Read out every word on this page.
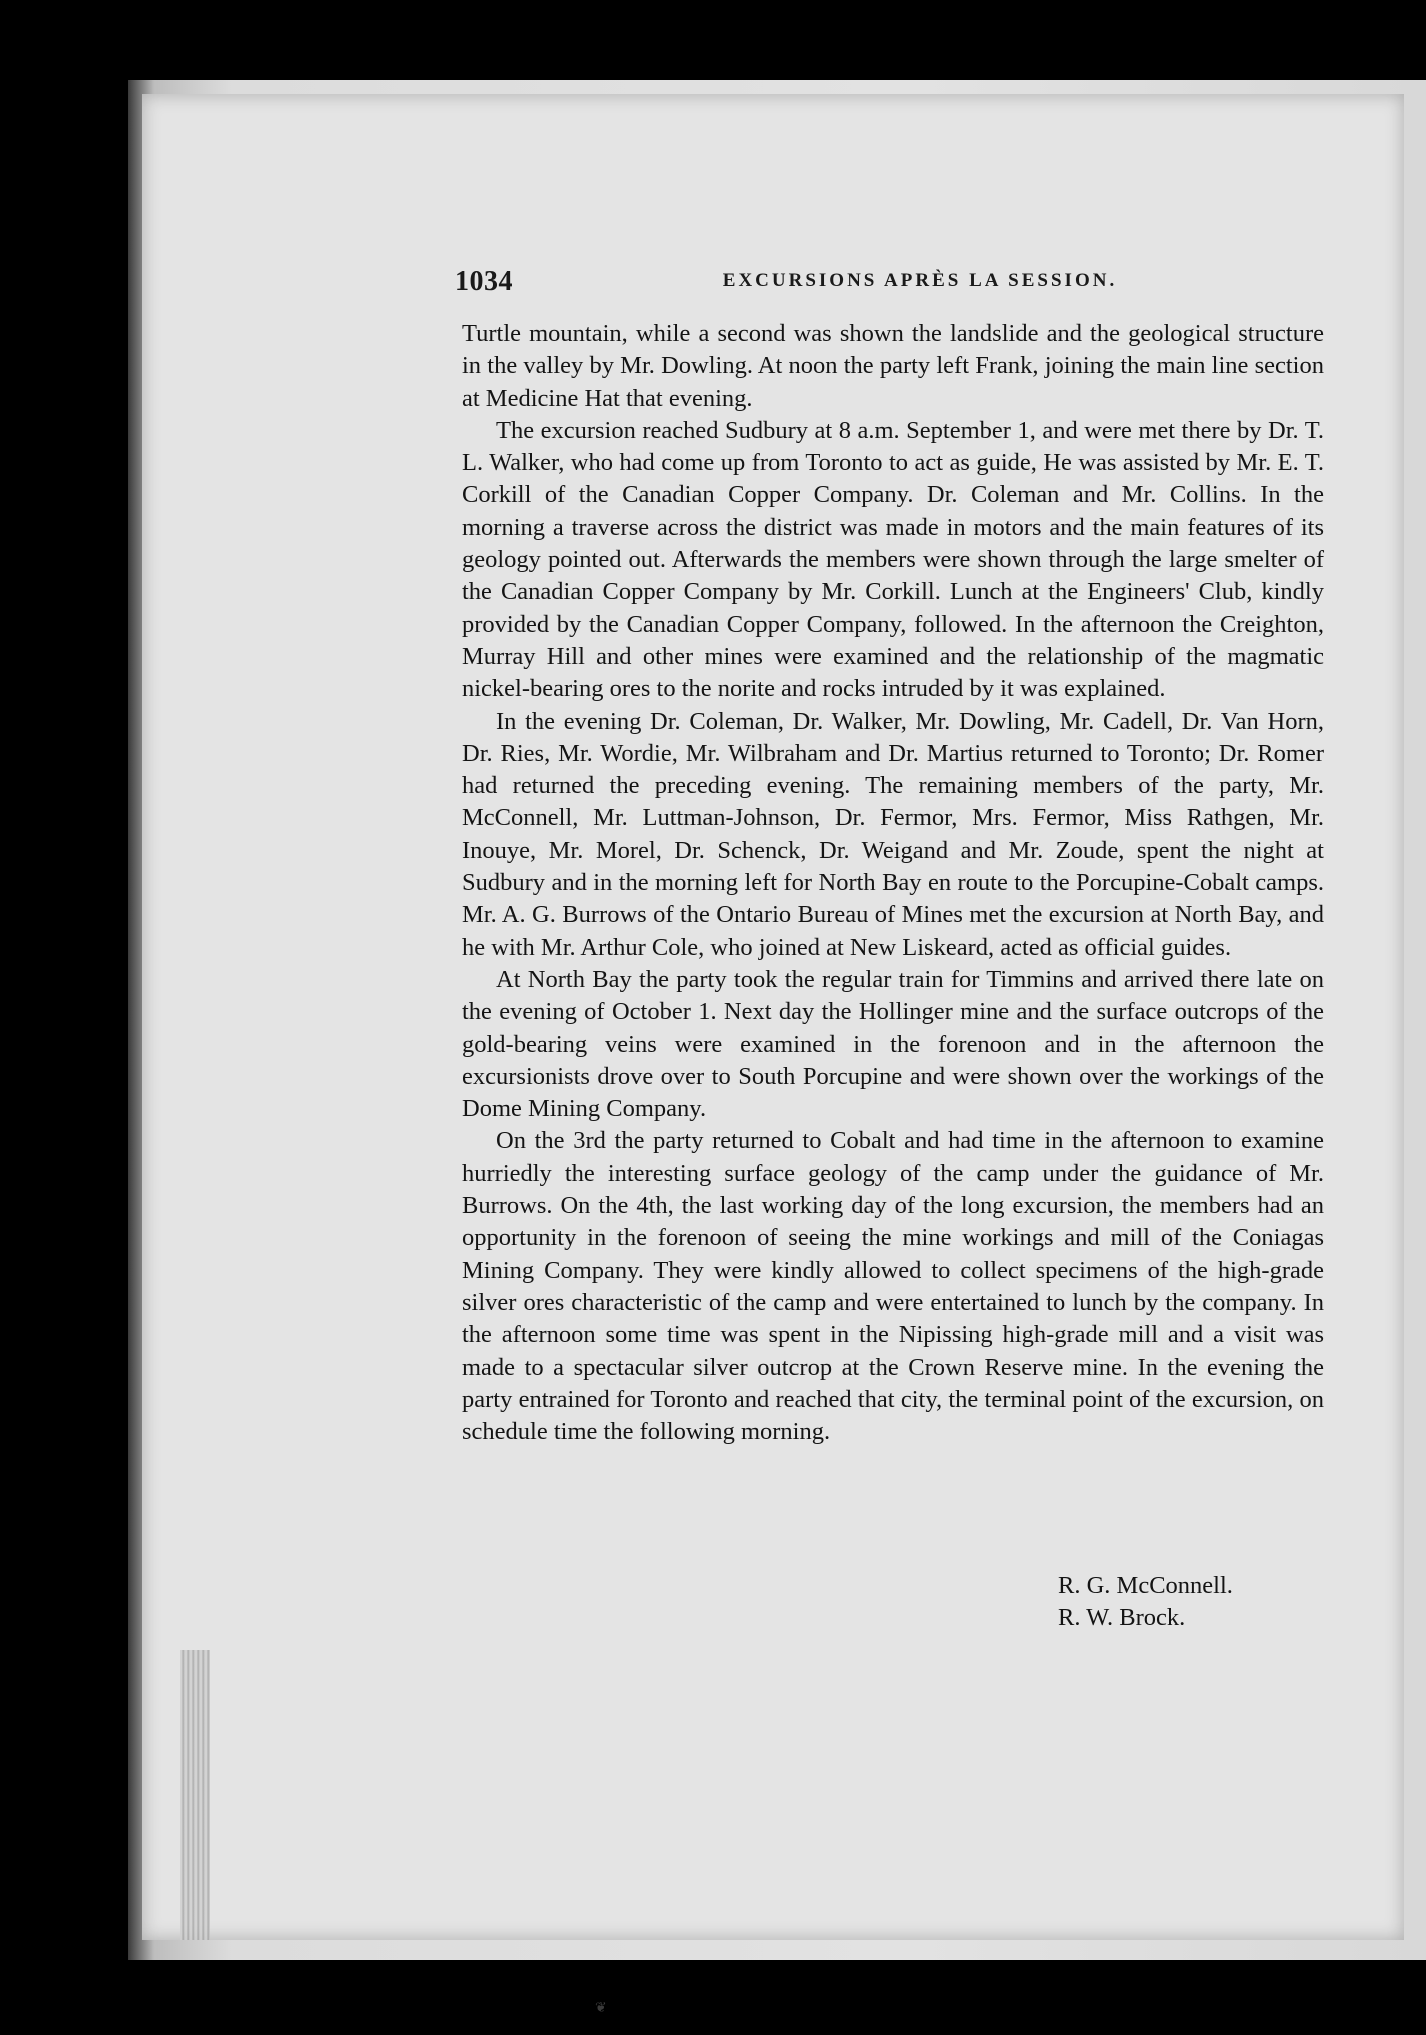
1034	EXCURSIONS APRÈS LA SESSION.

Turtle mountain, while a second was shown the landslide and the geological structure in the valley by Mr. Dowling. At noon the party left Frank, joining the main line section at Medicine Hat that evening.

The excursion reached Sudbury at 8 a.m. September 1, and were met there by Dr. T. L. Walker, who had come up from Toronto to act as guide, He was assisted by Mr. E. T. Corkill of the Canadian Copper Company. Dr. Coleman and Mr. Collins. In the morning a traverse across the district was made in motors and the main features of its geology pointed out. Afterwards the members were shown through the large smelter of the Canadian Copper Company by Mr. Corkill. Lunch at the Engineers' Club, kindly provided by the Canadian Copper Company, followed. In the afternoon the Creighton, Murray Hill and other mines were examined and the relationship of the magmatic nickel-bearing ores to the norite and rocks intruded by it was explained.

In the evening Dr. Coleman, Dr. Walker, Mr. Dowling, Mr. Cadell, Dr. Van Horn, Dr. Ries, Mr. Wordie, Mr. Wilbraham and Dr. Martius returned to Toronto; Dr. Romer had returned the preceding evening. The remaining members of the party, Mr. McConnell, Mr. Luttman-Johnson, Dr. Fermor, Mrs. Fermor, Miss Rathgen, Mr. Inouye, Mr. Morel, Dr. Schenck, Dr. Weigand and Mr. Zoude, spent the night at Sudbury and in the morning left for North Bay en route to the Porcupine-Cobalt camps. Mr. A. G. Burrows of the Ontario Bureau of Mines met the excursion at North Bay, and he with Mr. Arthur Cole, who joined at New Liskeard, acted as official guides.

At North Bay the party took the regular train for Timmins and arrived there late on the evening of October 1. Next day the Hollinger mine and the surface outcrops of the gold-bearing veins were examined in the forenoon and in the afternoon the excursionists drove over to South Porcupine and were shown over the workings of the Dome Mining Company.

On the 3rd the party returned to Cobalt and had time in the afternoon to examine hurriedly the interesting surface geology of the camp under the guidance of Mr. Burrows. On the 4th, the last working day of the long excursion, the members had an opportunity in the forenoon of seeing the mine workings and mill of the Coniagas Mining Company. They were kindly allowed to collect specimens of the high-grade silver ores characteristic of the camp and were entertained to lunch by the company. In the afternoon some time was spent in the Nipissing high-grade mill and a visit was made to a spectacular silver outcrop at the Crown Reserve mine. In the evening the party entrained for Toronto and reached that city, the terminal point of the excursion, on schedule time the following morning.

R. G. McConnell.
R. W. Brock.
❦
